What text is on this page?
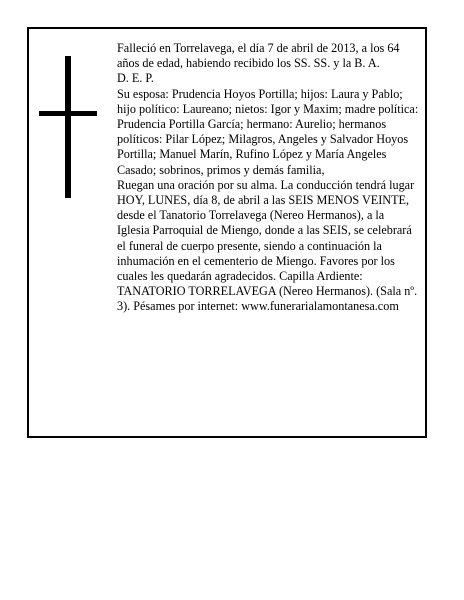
Falleció en Torrelavega, el día 7 de abril de 2013, a los 64 años de edad, habiendo recibido los SS. SS. y la B. A.

D. E. P.

Su esposa: Prudencia Hoyos Portilla; hijos: Laura y Pablo; hijo político: Laureano; nietos: Igor y Maxim; madre política: Prudencia Portilla García; hermano: Aurelio; hermanos políticos: Pilar López; Milagros, Angeles y Salvador Hoyos Portilla; Manuel Marín, Rufino López y María Angeles Casado; sobrinos, primos y demás familia,

Ruegan una oración por su alma. La conducción tendrá lugar HOY, LUNES, día 8, de abril a las SEIS MENOS VEINTE, desde el Tanatorio Torrelavega (Nereo Hermanos), a la Iglesia Parroquial de Miengo, donde a las SEIS, se celebrará el funeral de cuerpo presente, siendo a continuación la inhumación en el cementerio de Miengo. Favores por los cuales les quedarán agradecidos. Capilla Ardiente: TANATORIO TORRELAVEGA (Nereo Hermanos). (Sala nº. 3). Pésames por internet: www.funerarialamontanesa.com
